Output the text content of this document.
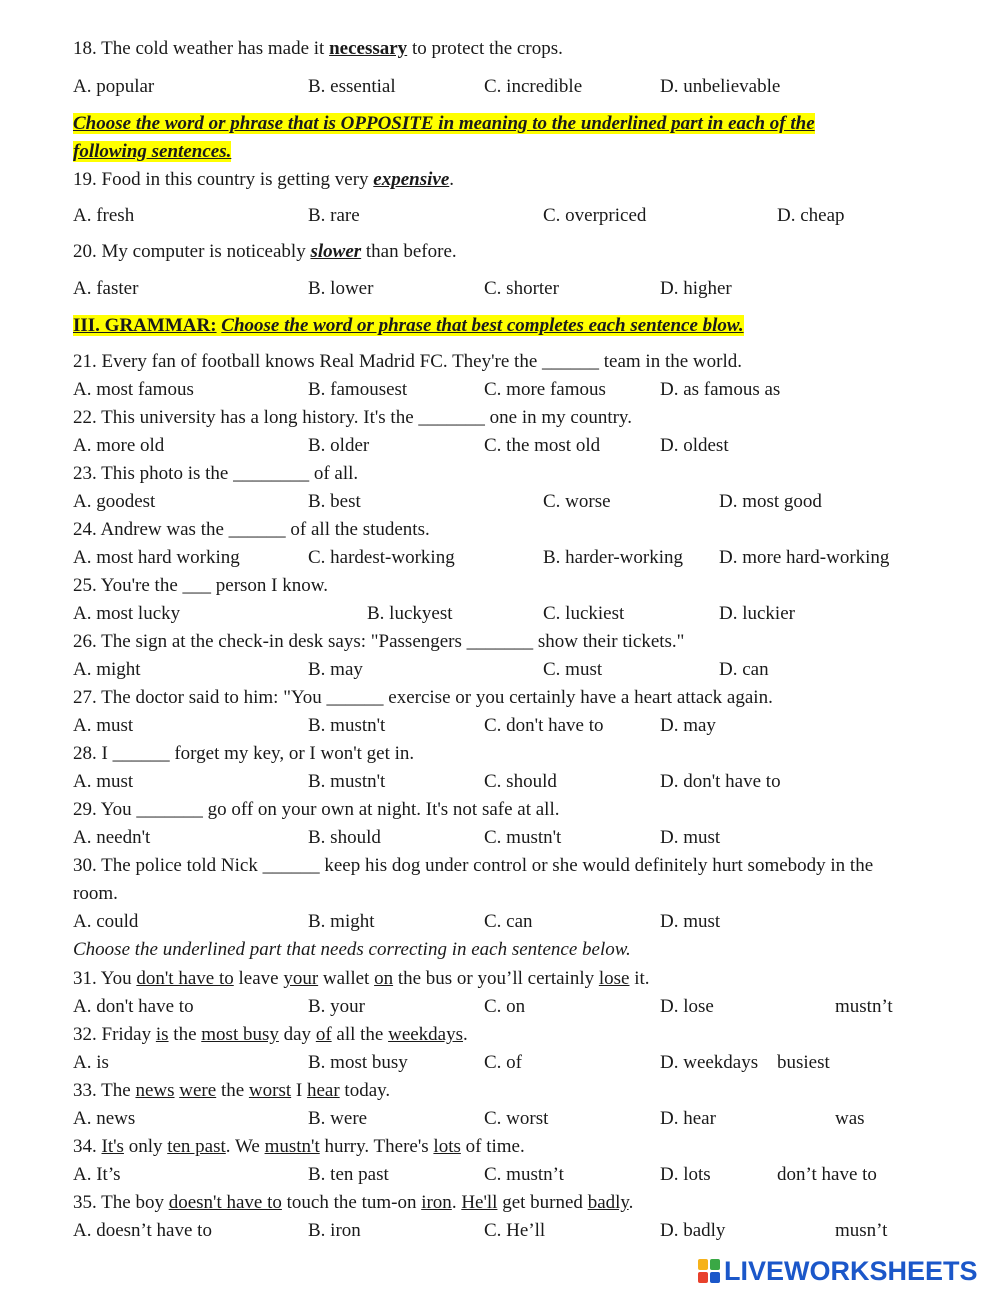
18. The cold weather has made it necessary to protect the crops.
A. popular	B. essential	C. incredible	D. unbelievable
Choose the word or phrase that is OPPOSITE in meaning to the underlined part in each of the
following sentences.
19. Food in this country is getting very expensive.
A. fresh	B. rare	C. overpriced	D. cheap
20. My computer is noticeably slower than before.
A. faster	B. lower	C. shorter	D. higher
III. GRAMMAR: Choose the word or phrase that best completes each sentence blow.
21. Every fan of football knows Real Madrid FC. They're the ______ team in the world.
A. most famous	B. famousest	C. more famous	D. as famous as
22. This university has a long history. It's the _______ one in my country.
A. more old	B. older	C. the most old	D. oldest
23. This photo is the ________ of all.
A. goodest	B. best	C. worse	D. most good
24. Andrew was the ______ of all the students.
A. most hard working	C. hardest-working	B. harder-working D. more hard-working
25. You're the ___ person I know.
A. most lucky	B. luckyest	C. luckiest	D. luckier
26. The sign at the check-in desk says: "Passengers _______ show their tickets."
A. might	B. may	C. must	D. can
27. The doctor said to him: "You ______ exercise or you certainly have a heart attack again.
A. must	B. mustn't	C. don't have to	D. may
28. I ______ forget my key, or I won't get in.
A. must	B. mustn't	C. should	D. don't have to
29. You _______ go off on your own at night. It's not safe at all.
A. needn't	B. should	C. mustn't	D. must
30. The police told Nick ______ keep his dog under control or she would definitely hurt somebody in the
room.
A. could	B. might	C. can	D. must
Choose the underlined part that needs correcting in each sentence below.
31. You don't have to leave your wallet on the bus or you’ll certainly lose it.
A. don't have to	B. your	C. on	D. lose	mustn’t
32. Friday is the most busy day of all the weekdays.
A. is	B. most busy	C. of	D. weekdays busiest
33. The news were the worst I hear today.
A. news	B. were	C. worst	D. hear	was
34. It's only ten past. We mustn't hurry. There's lots of time.
A. It’s	B. ten past	C. mustn’t	D. lots	don’t have to
35. The boy doesn't have to touch the tum-on iron. He'll get burned badly.
A. doesn’t have to	B. iron	C. He’ll	D. badly	musn’t
LIVEWORKSHEETS
